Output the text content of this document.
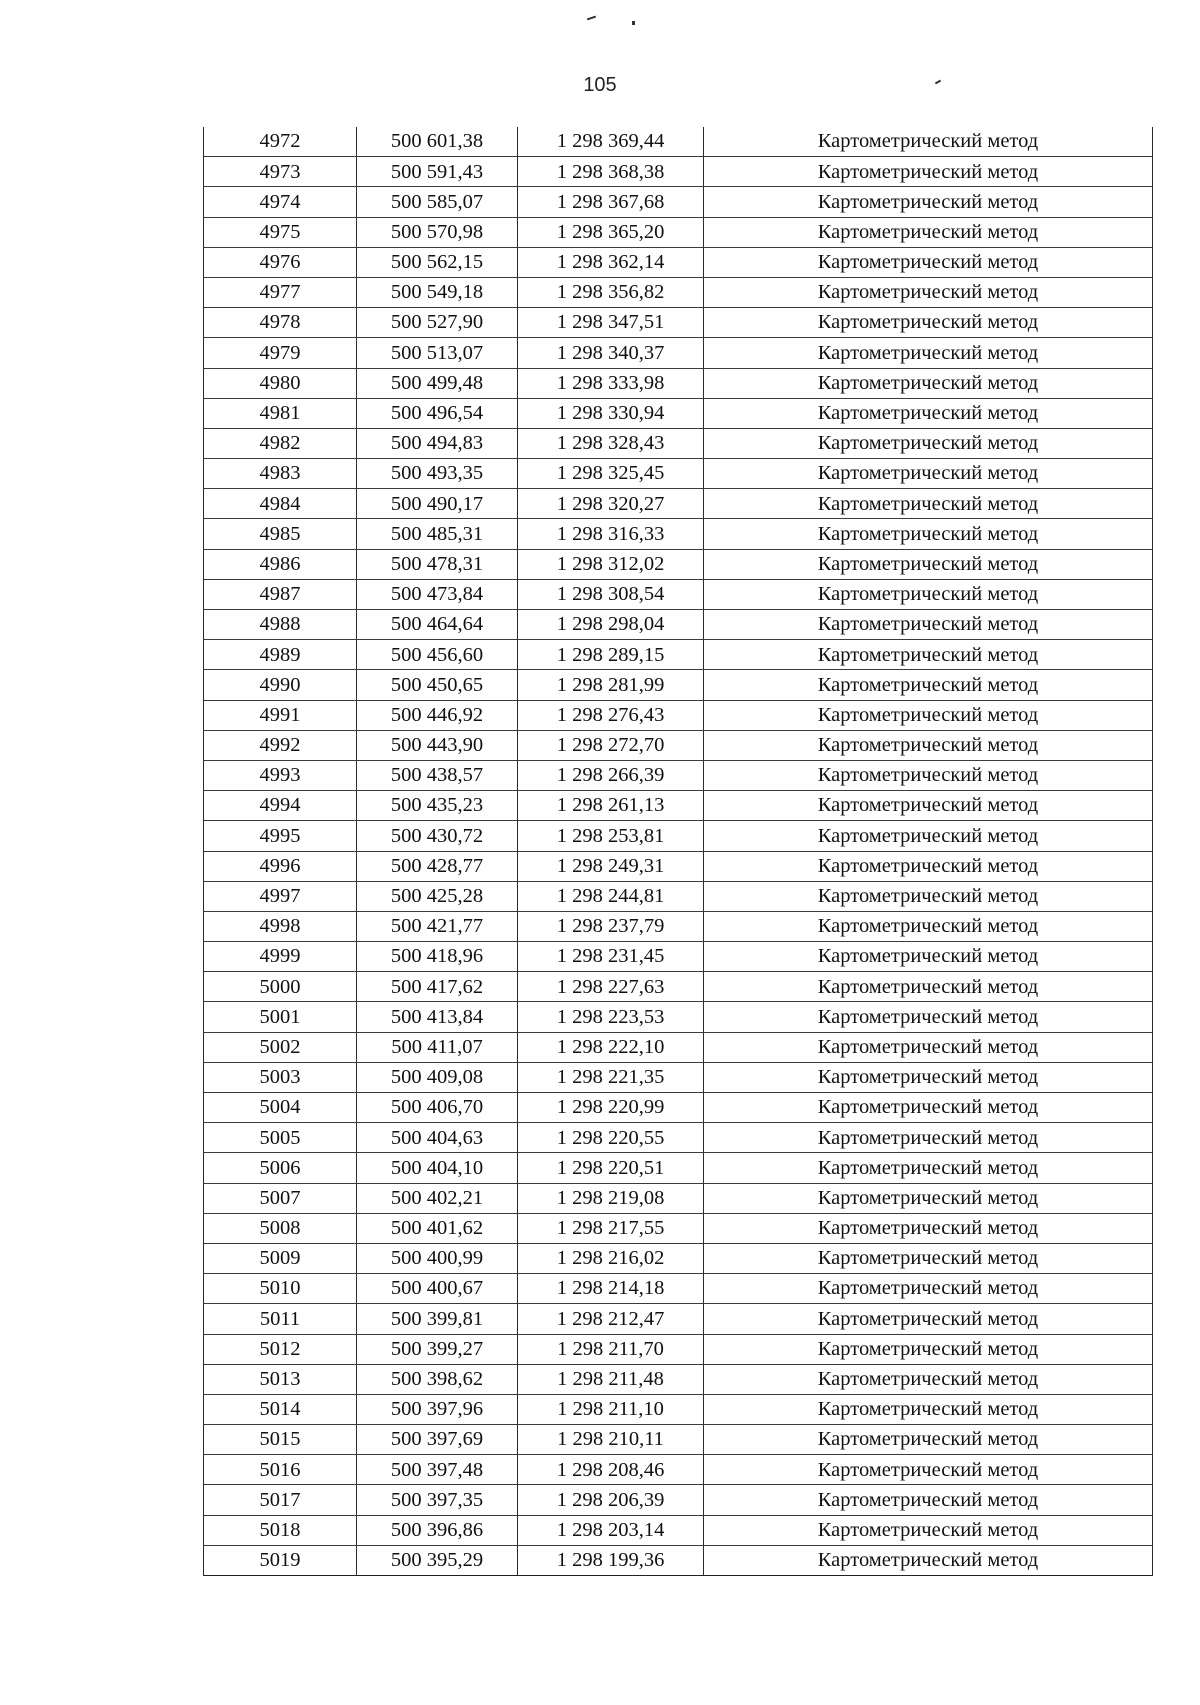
105
4972	500 601,38	1 298 369,44	Картометрический метод
4973	500 591,43	1 298 368,38	Картометрический метод
4974	500 585,07	1 298 367,68	Картометрический метод
4975	500 570,98	1 298 365,20	Картометрический метод
4976	500 562,15	1 298 362,14	Картометрический метод
4977	500 549,18	1 298 356,82	Картометрический метод
4978	500 527,90	1 298 347,51	Картометрический метод
4979	500 513,07	1 298 340,37	Картометрический метод
4980	500 499,48	1 298 333,98	Картометрический метод
4981	500 496,54	1 298 330,94	Картометрический метод
4982	500 494,83	1 298 328,43	Картометрический метод
4983	500 493,35	1 298 325,45	Картометрический метод
4984	500 490,17	1 298 320,27	Картометрический метод
4985	500 485,31	1 298 316,33	Картометрический метод
4986	500 478,31	1 298 312,02	Картометрический метод
4987	500 473,84	1 298 308,54	Картометрический метод
4988	500 464,64	1 298 298,04	Картометрический метод
4989	500 456,60	1 298 289,15	Картометрический метод
4990	500 450,65	1 298 281,99	Картометрический метод
4991	500 446,92	1 298 276,43	Картометрический метод
4992	500 443,90	1 298 272,70	Картометрический метод
4993	500 438,57	1 298 266,39	Картометрический метод
4994	500 435,23	1 298 261,13	Картометрический метод
4995	500 430,72	1 298 253,81	Картометрический метод
4996	500 428,77	1 298 249,31	Картометрический метод
4997	500 425,28	1 298 244,81	Картометрический метод
4998	500 421,77	1 298 237,79	Картометрический метод
4999	500 418,96	1 298 231,45	Картометрический метод
5000	500 417,62	1 298 227,63	Картометрический метод
5001	500 413,84	1 298 223,53	Картометрический метод
5002	500 411,07	1 298 222,10	Картометрический метод
5003	500 409,08	1 298 221,35	Картометрический метод
5004	500 406,70	1 298 220,99	Картометрический метод
5005	500 404,63	1 298 220,55	Картометрический метод
5006	500 404,10	1 298 220,51	Картометрический метод
5007	500 402,21	1 298 219,08	Картометрический метод
5008	500 401,62	1 298 217,55	Картометрический метод
5009	500 400,99	1 298 216,02	Картометрический метод
5010	500 400,67	1 298 214,18	Картометрический метод
5011	500 399,81	1 298 212,47	Картометрический метод
5012	500 399,27	1 298 211,70	Картометрический метод
5013	500 398,62	1 298 211,48	Картометрический метод
5014	500 397,96	1 298 211,10	Картометрический метод
5015	500 397,69	1 298 210,11	Картометрический метод
5016	500 397,48	1 298 208,46	Картометрический метод
5017	500 397,35	1 298 206,39	Картометрический метод
5018	500 396,86	1 298 203,14	Картометрический метод
5019	500 395,29	1 298 199,36	Картометрический метод
